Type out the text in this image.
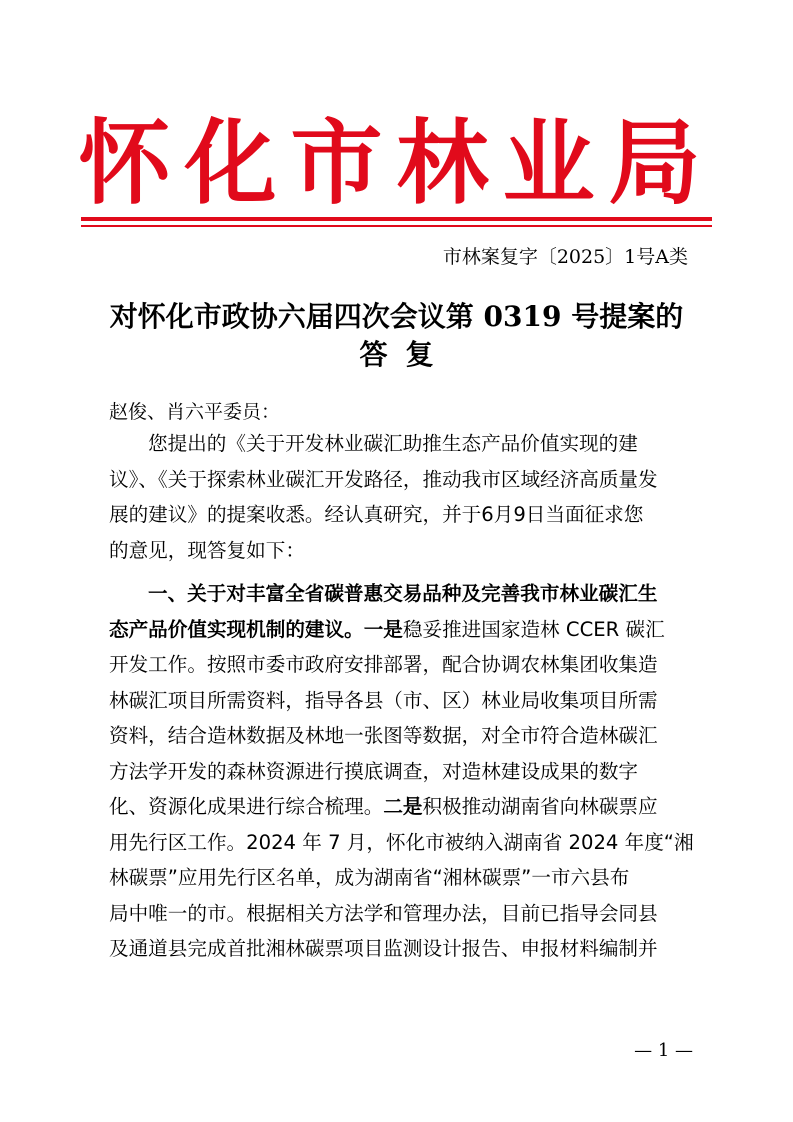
怀化市林业局
市林案复字〔2025〕1号A类
对怀化市政协六届四次会议第 0319 号提案的
答复
赵俊、肖六平委员：
您提出的《关于开发林业碳汇助推生态产品价值实现的建
议》、《关于探索林业碳汇开发路径，推动我市区域经济高质量发
展的建议》的提案收悉。经认真研究，并于6月9日当面征求您
的意见，现答复如下：
一、关于对丰富全省碳普惠交易品种及完善我市林业碳汇生
态产品价值实现机制的建议。一是稳妥推进国家造林 CCER 碳汇
开发工作。按照市委市政府安排部署，配合协调农林集团收集造
林碳汇项目所需资料，指导各县（市、区）林业局收集项目所需
资料，结合造林数据及林地一张图等数据，对全市符合造林碳汇
方法学开发的森林资源进行摸底调查，对造林建设成果的数字
化、资源化成果进行综合梳理。二是积极推动湖南省向林碳票应
用先行区工作。2024 年 7 月，怀化市被纳入湖南省 2024 年度“湘
林碳票”应用先行区名单，成为湖南省“湘林碳票”一市六县布
局中唯一的市。根据相关方法学和管理办法，目前已指导会同县
及通道县完成首批湘林碳票项目监测设计报告、申报材料编制并
— 1 —
